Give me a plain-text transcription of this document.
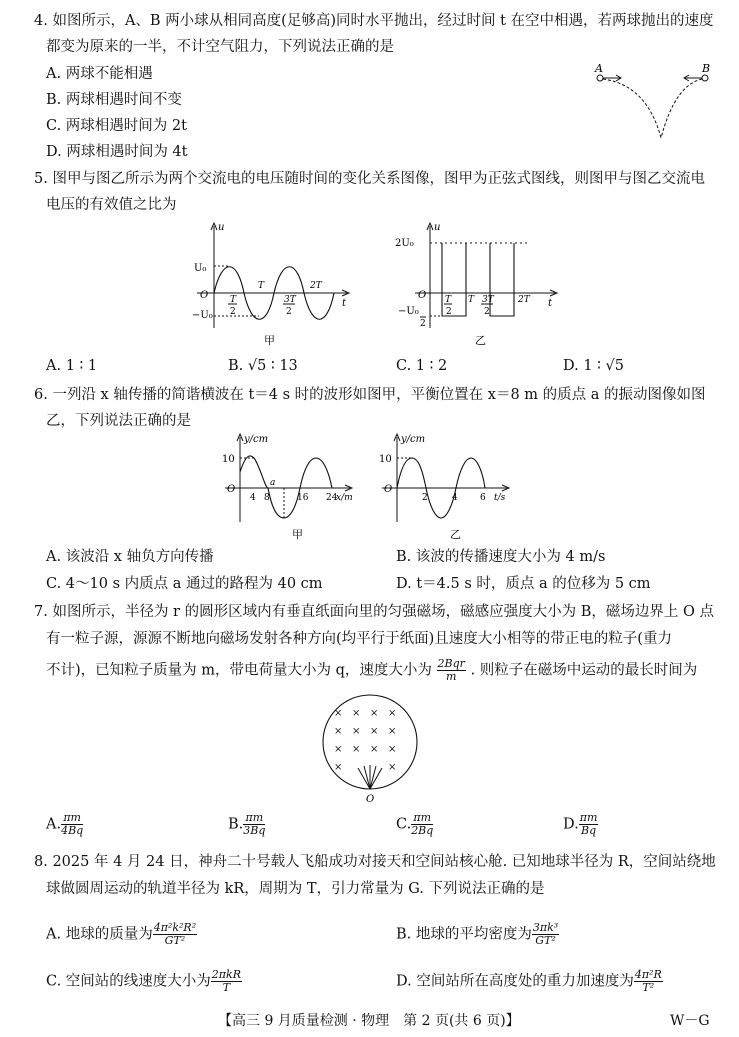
4. 如图所示，A、B 两小球从相同高度(足够高)同时水平抛出，经过时间 t 在空中相遇，若两球抛出的速度
都变为原来的一半，不计空气阻力，下列说法正确的是
A. 两球不能相遇
B. 两球相遇时间不变
C. 两球相遇时间为 2t
D. 两球相遇时间为 4t
A	B
5. 图甲与图乙所示为两个交流电的电压随时间的变化关系图像，图甲为正弦式图线，则图甲与图乙交流电
电压的有效值之比为
u
U₀
−U₀
O
t
T
2
T
3T
2
2T
甲
u
2U₀
−U₀
2
O
t
T
2
T 3T
2
2T
乙
A. 1 ∶ 1	B. √5 ∶ 13	C. 1 ∶ 2	D. 1 ∶ √5
6. 一列沿 x 轴传播的简谐横波在 t＝4 s 时的波形如图甲，平衡位置在 x＝8 m 的质点 a 的振动图像如图
乙，下列说法正确的是
y/cm
10
O
4 8	16 24
x/m
a
甲
y/cm
10
O
2	4 6 t/s
乙
A. 该波沿 x 轴负方向传播	B. 该波的传播速度大小为 4 m/s
C. 4～10 s 内质点 a 通过的路程为 40 cm	D. t＝4.5 s 时，质点 a 的位移为 5 cm
7. 如图所示，半径为 r 的圆形区域内有垂直纸面向里的匀强磁场，磁感应强度大小为 B，磁场边界上 O 点
有一粒子源，源源不断地向磁场发射各种方向(均平行于纸面)且速度大小相等的带正电的粒子(重力
不计)，已知粒子质量为 m，带电荷量大小为 q，速度大小为 $\frac{\text{2Bqr}}{m}$ . 则粒子在磁场中运动的最长时间为
× × × ×
× × × ×
× × × ×
×	×
O
A. $\frac{\pi m}{4Bq}$	B. $\frac{\pi m}{3Bq}$	C. $\frac{\pi m}{2Bq}$	D. $\frac{\pi m}{Bq}$
8. 2025 年 4 月 24 日，神舟二十号载人飞船成功对接天和空间站核心舱. 已知地球半径为 R，空间站绕地
球做圆周运动的轨道半径为 kR，周期为 T，引力常量为 G. 下列说法正确的是
A. 地球的质量为 $\frac{\text{4π²k²R²}}{\text{GT²}}$	B. 地球的平均密度为 $\frac{\text{3πk³}}{\text{GT²}}$
C. 空间站的线速度大小为 $\frac{\text{2πkR}}{T}$	D. 空间站所在高度处的重力加速度为 $\frac{\text{4π²R}}{\text{T²}}$
【高三 9 月质量检测 · 物理　第 2 页(共 6 页)】	W－G
